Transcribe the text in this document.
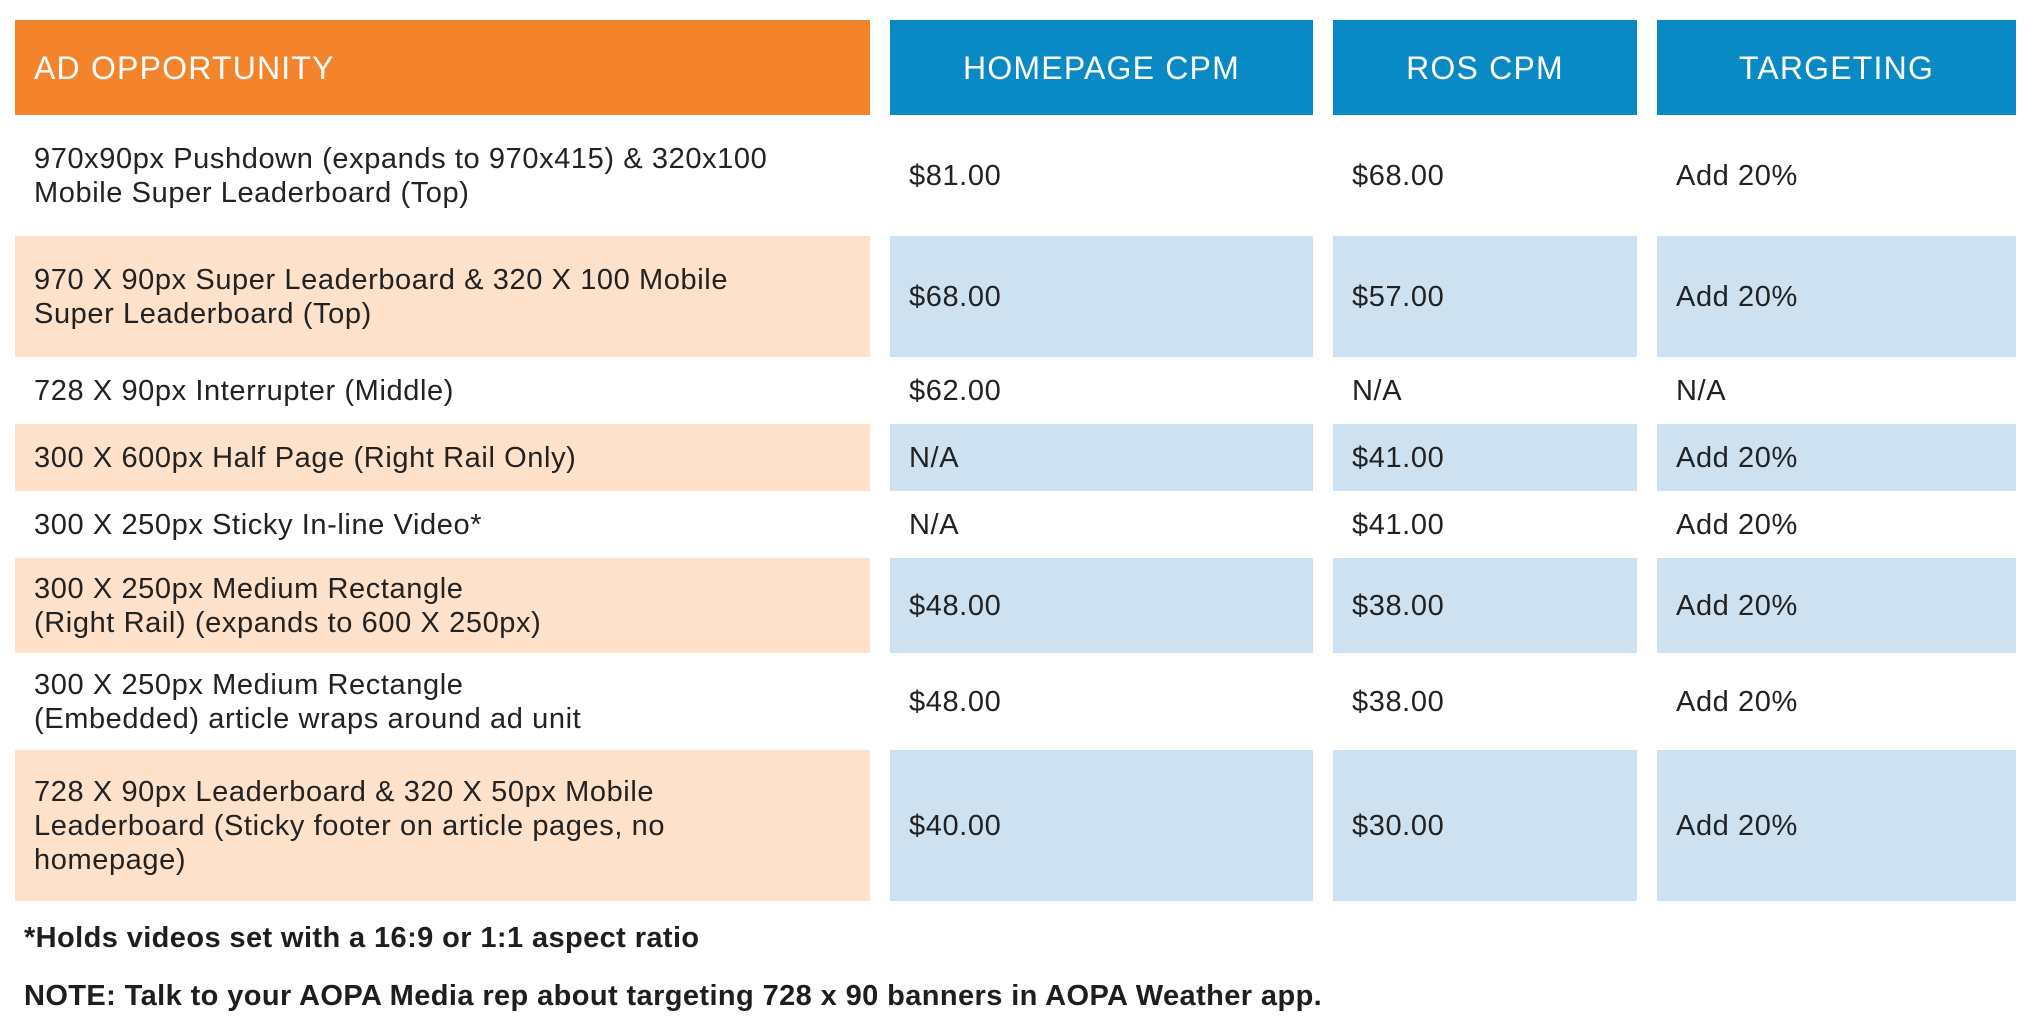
AD OPPORTUNITY	HOMEPAGE CPM	ROS CPM	TARGETING
970x90px Pushdown (expands to 970x415) & 320x100
Mobile Super Leaderboard (Top)
$81.00	$68.00	Add 20%
970 X 90px Super Leaderboard & 320 X 100 Mobile
Super Leaderboard (Top)
$68.00	$57.00	Add 20%
728 X 90px Interrupter (Middle)	$62.00	N/A	N/A
300 X 600px Half Page (Right Rail Only)	N/A	$41.00	Add 20%
300 X 250px Sticky In-line Video*	N/A	$41.00	Add 20%
300 X 250px Medium Rectangle
(Right Rail) (expands to 600 X 250px)
$48.00	$38.00	Add 20%
300 X 250px Medium Rectangle
(Embedded) article wraps around ad unit
$48.00	$38.00	Add 20%
728 X 90px Leaderboard & 320 X 50px Mobile
Leaderboard (Sticky footer on article pages, no
homepage)
$40.00	$30.00	Add 20%
*Holds videos set with a 16:9 or 1:1 aspect ratio
NOTE: Talk to your AOPA Media rep about targeting 728 x 90 banners in AOPA Weather app.
